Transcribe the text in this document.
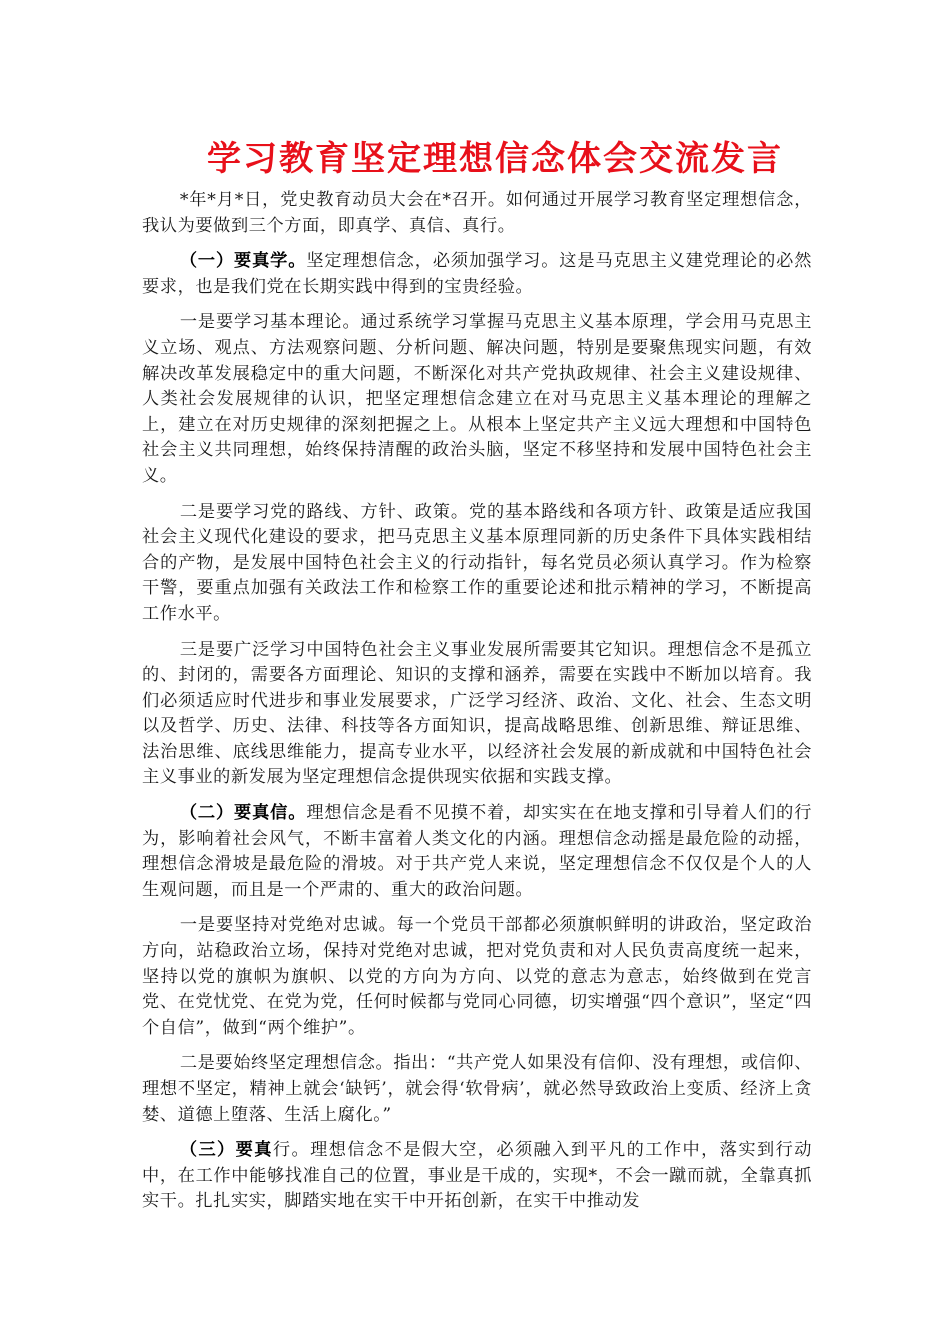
学习教育坚定理想信念体会交流发言

*年*月*日，党史教育动员大会在*召开。如何通过开展学习教育坚定理想信念，我认为要做到三个方面，即真学、真信、真行。

（一）要真学。坚定理想信念，必须加强学习。这是马克思主义建党理论的必然要求，也是我们党在长期实践中得到的宝贵经验。

一是要学习基本理论。通过系统学习掌握马克思主义基本原理，学会用马克思主义立场、观点、方法观察问题、分析问题、解决问题，特别是要聚焦现实问题，有效解决改革发展稳定中的重大问题，不断深化对共产党执政规律、社会主义建设规律、人类社会发展规律的认识，把坚定理想信念建立在对马克思主义基本理论的理解之上，建立在对历史规律的深刻把握之上。从根本上坚定共产主义远大理想和中国特色社会主义共同理想，始终保持清醒的政治头脑，坚定不移坚持和发展中国特色社会主义。

二是要学习党的路线、方针、政策。党的基本路线和各项方针、政策是适应我国社会主义现代化建设的要求，把马克思主义基本原理同新的历史条件下具体实践相结合的产物，是发展中国特色社会主义的行动指针，每名党员必须认真学习。作为检察干警，要重点加强有关政法工作和检察工作的重要论述和批示精神的学习，不断提高工作水平。

三是要广泛学习中国特色社会主义事业发展所需要其它知识。理想信念不是孤立的、封闭的，需要各方面理论、知识的支撑和涵养，需要在实践中不断加以培育。我们必须适应时代进步和事业发展要求，广泛学习经济、政治、文化、社会、生态文明以及哲学、历史、法律、科技等各方面知识，提高战略思维、创新思维、辩证思维、法治思维、底线思维能力，提高专业水平，以经济社会发展的新成就和中国特色社会主义事业的新发展为坚定理想信念提供现实依据和实践支撑。

（二）要真信。理想信念是看不见摸不着，却实实在在地支撑和引导着人们的行为，影响着社会风气，不断丰富着人类文化的内涵。理想信念动摇是最危险的动摇，理想信念滑坡是最危险的滑坡。对于共产党人来说，坚定理想信念不仅仅是个人的人生观问题，而且是一个严肃的、重大的政治问题。

一是要坚持对党绝对忠诚。每一个党员干部都必须旗帜鲜明的讲政治，坚定政治方向，站稳政治立场，保持对党绝对忠诚，把对党负责和对人民负责高度统一起来，坚持以党的旗帜为旗帜、以党的方向为方向、以党的意志为意志，始终做到在党言党、在党忧党、在党为党，任何时候都与党同心同德，切实增强“四个意识”，坚定“四个自信”，做到“两个维护”。

二是要始终坚定理想信念。指出：“共产党人如果没有信仰、没有理想，或信仰、理想不坚定，精神上就会‘缺钙’，就会得‘软骨病’，就必然导致政治上变质、经济上贪婪、道德上堕落、生活上腐化。”

（三）要真行。理想信念不是假大空，必须融入到平凡的工作中，落实到行动中，在工作中能够找准自己的位置，事业是干成的，实现*，不会一蹴而就，全靠真抓实干。扎扎实实，脚踏实地在实干中开拓创新，在实干中推动发
